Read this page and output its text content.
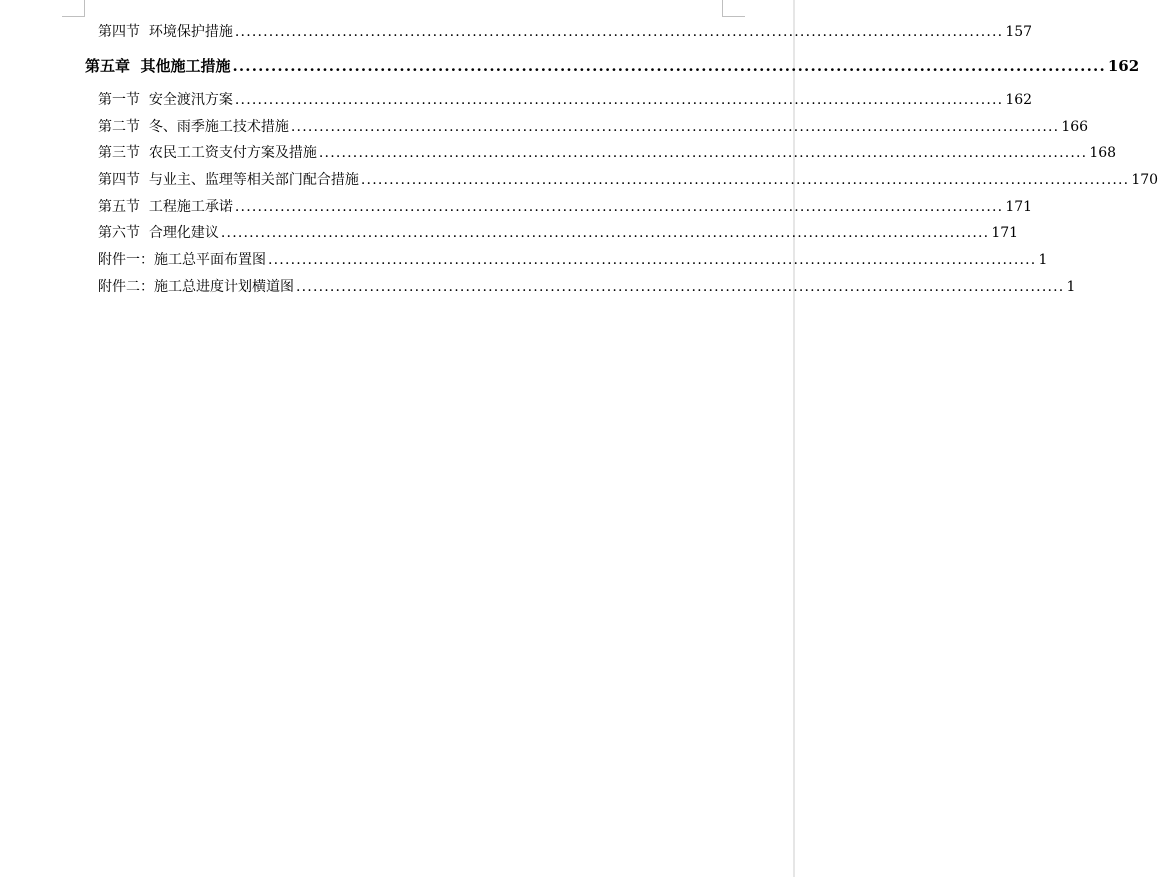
第四节  环境保护措施 ........................................................................................................................................ 157
第五章  其他施工措施 ........................................................................................................................................ 162
第一节  安全渡汛方案 ........................................................................................................................................ 162
第二节  冬、雨季施工技术措施 ........................................................................................................................................ 166
第三节  农民工工资支付方案及措施 ........................................................................................................................................ 168
第四节  与业主、监理等相关部门配合措施 ........................................................................................................................................ 170
第五节  工程施工承诺 ........................................................................................................................................ 171
第六节  合理化建议 ........................................................................................................................................ 171
附件一：施工总平面布置图 ........................................................................................................................................ 1
附件二：施工总进度计划横道图 ........................................................................................................................................ 1
